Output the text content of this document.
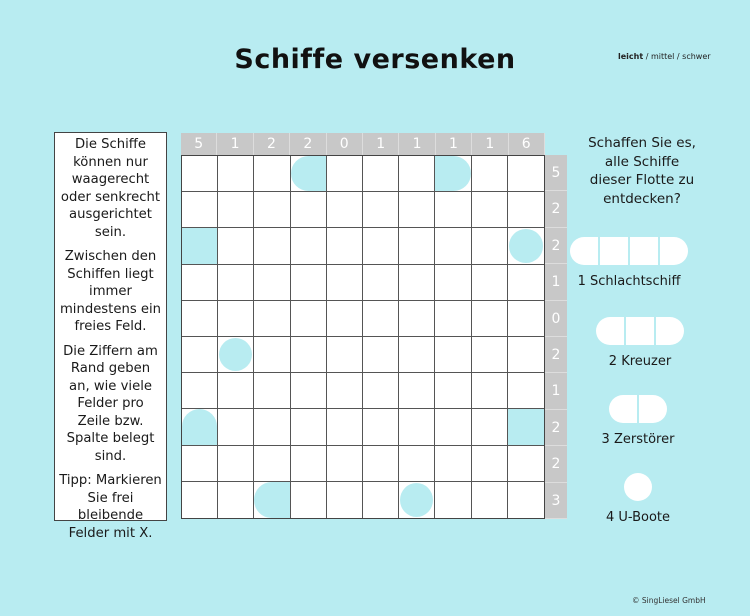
Schiffe versenken	leicht / mittel / schwer

Die Schiffe können nur waagerecht oder senkrecht ausgerichtet sein.

Zwischen den Schiffen liegt immer mindestens ein freies Feld.

Die Ziffern am Rand geben an, wie viele Felder pro Zeile bzw. Spalte belegt sind.

Tipp: Markieren Sie frei bleibende Felder mit X.

5	1	2	2	0	1	1	1	1	6
5
2
2
1
0
2
1
2
2
3
Schaffen Sie es, alle Schiffe dieser Flotte zu entdecken?
1 Schlachtschiff
2 Kreuzer
3 Zerstörer
4 U-Boote
© SingLiesel GmbH
